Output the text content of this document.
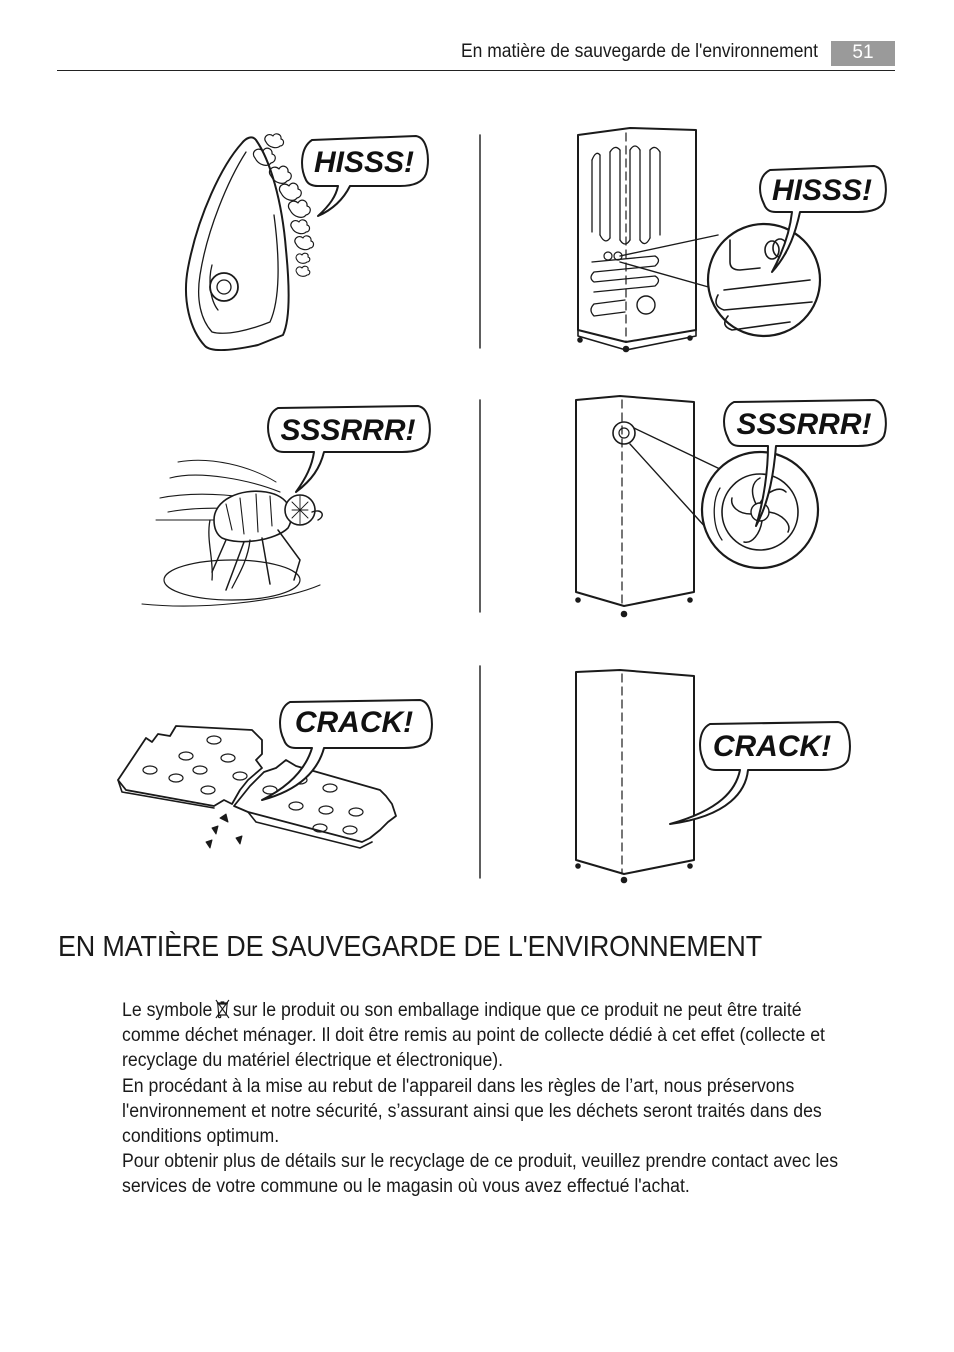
En matière de sauvegarde de l'environnement	51
HISSS!
HISSS!
SSSRRR!	SSSRRR!
CRACK!
CRACK!
EN MATIÈRE DE SAUVEGARDE DE L'ENVIRONNEMENT

Le symbole sur le produit ou son emballage indique que ce produit ne peut être traité comme déchet ménager. Il doit être remis au point de collecte dédié à cet effet (collecte et recyclage du matériel électrique et électronique).

En procédant à la mise au rebut de l'appareil dans les règles de l’art, nous préservons l'environnement et notre sécurité, s’assurant ainsi que les déchets seront traités dans des conditions optimum.

Pour obtenir plus de détails sur le recyclage de ce produit, veuillez prendre contact avec les services de votre commune ou le magasin où vous avez effectué l'achat.
